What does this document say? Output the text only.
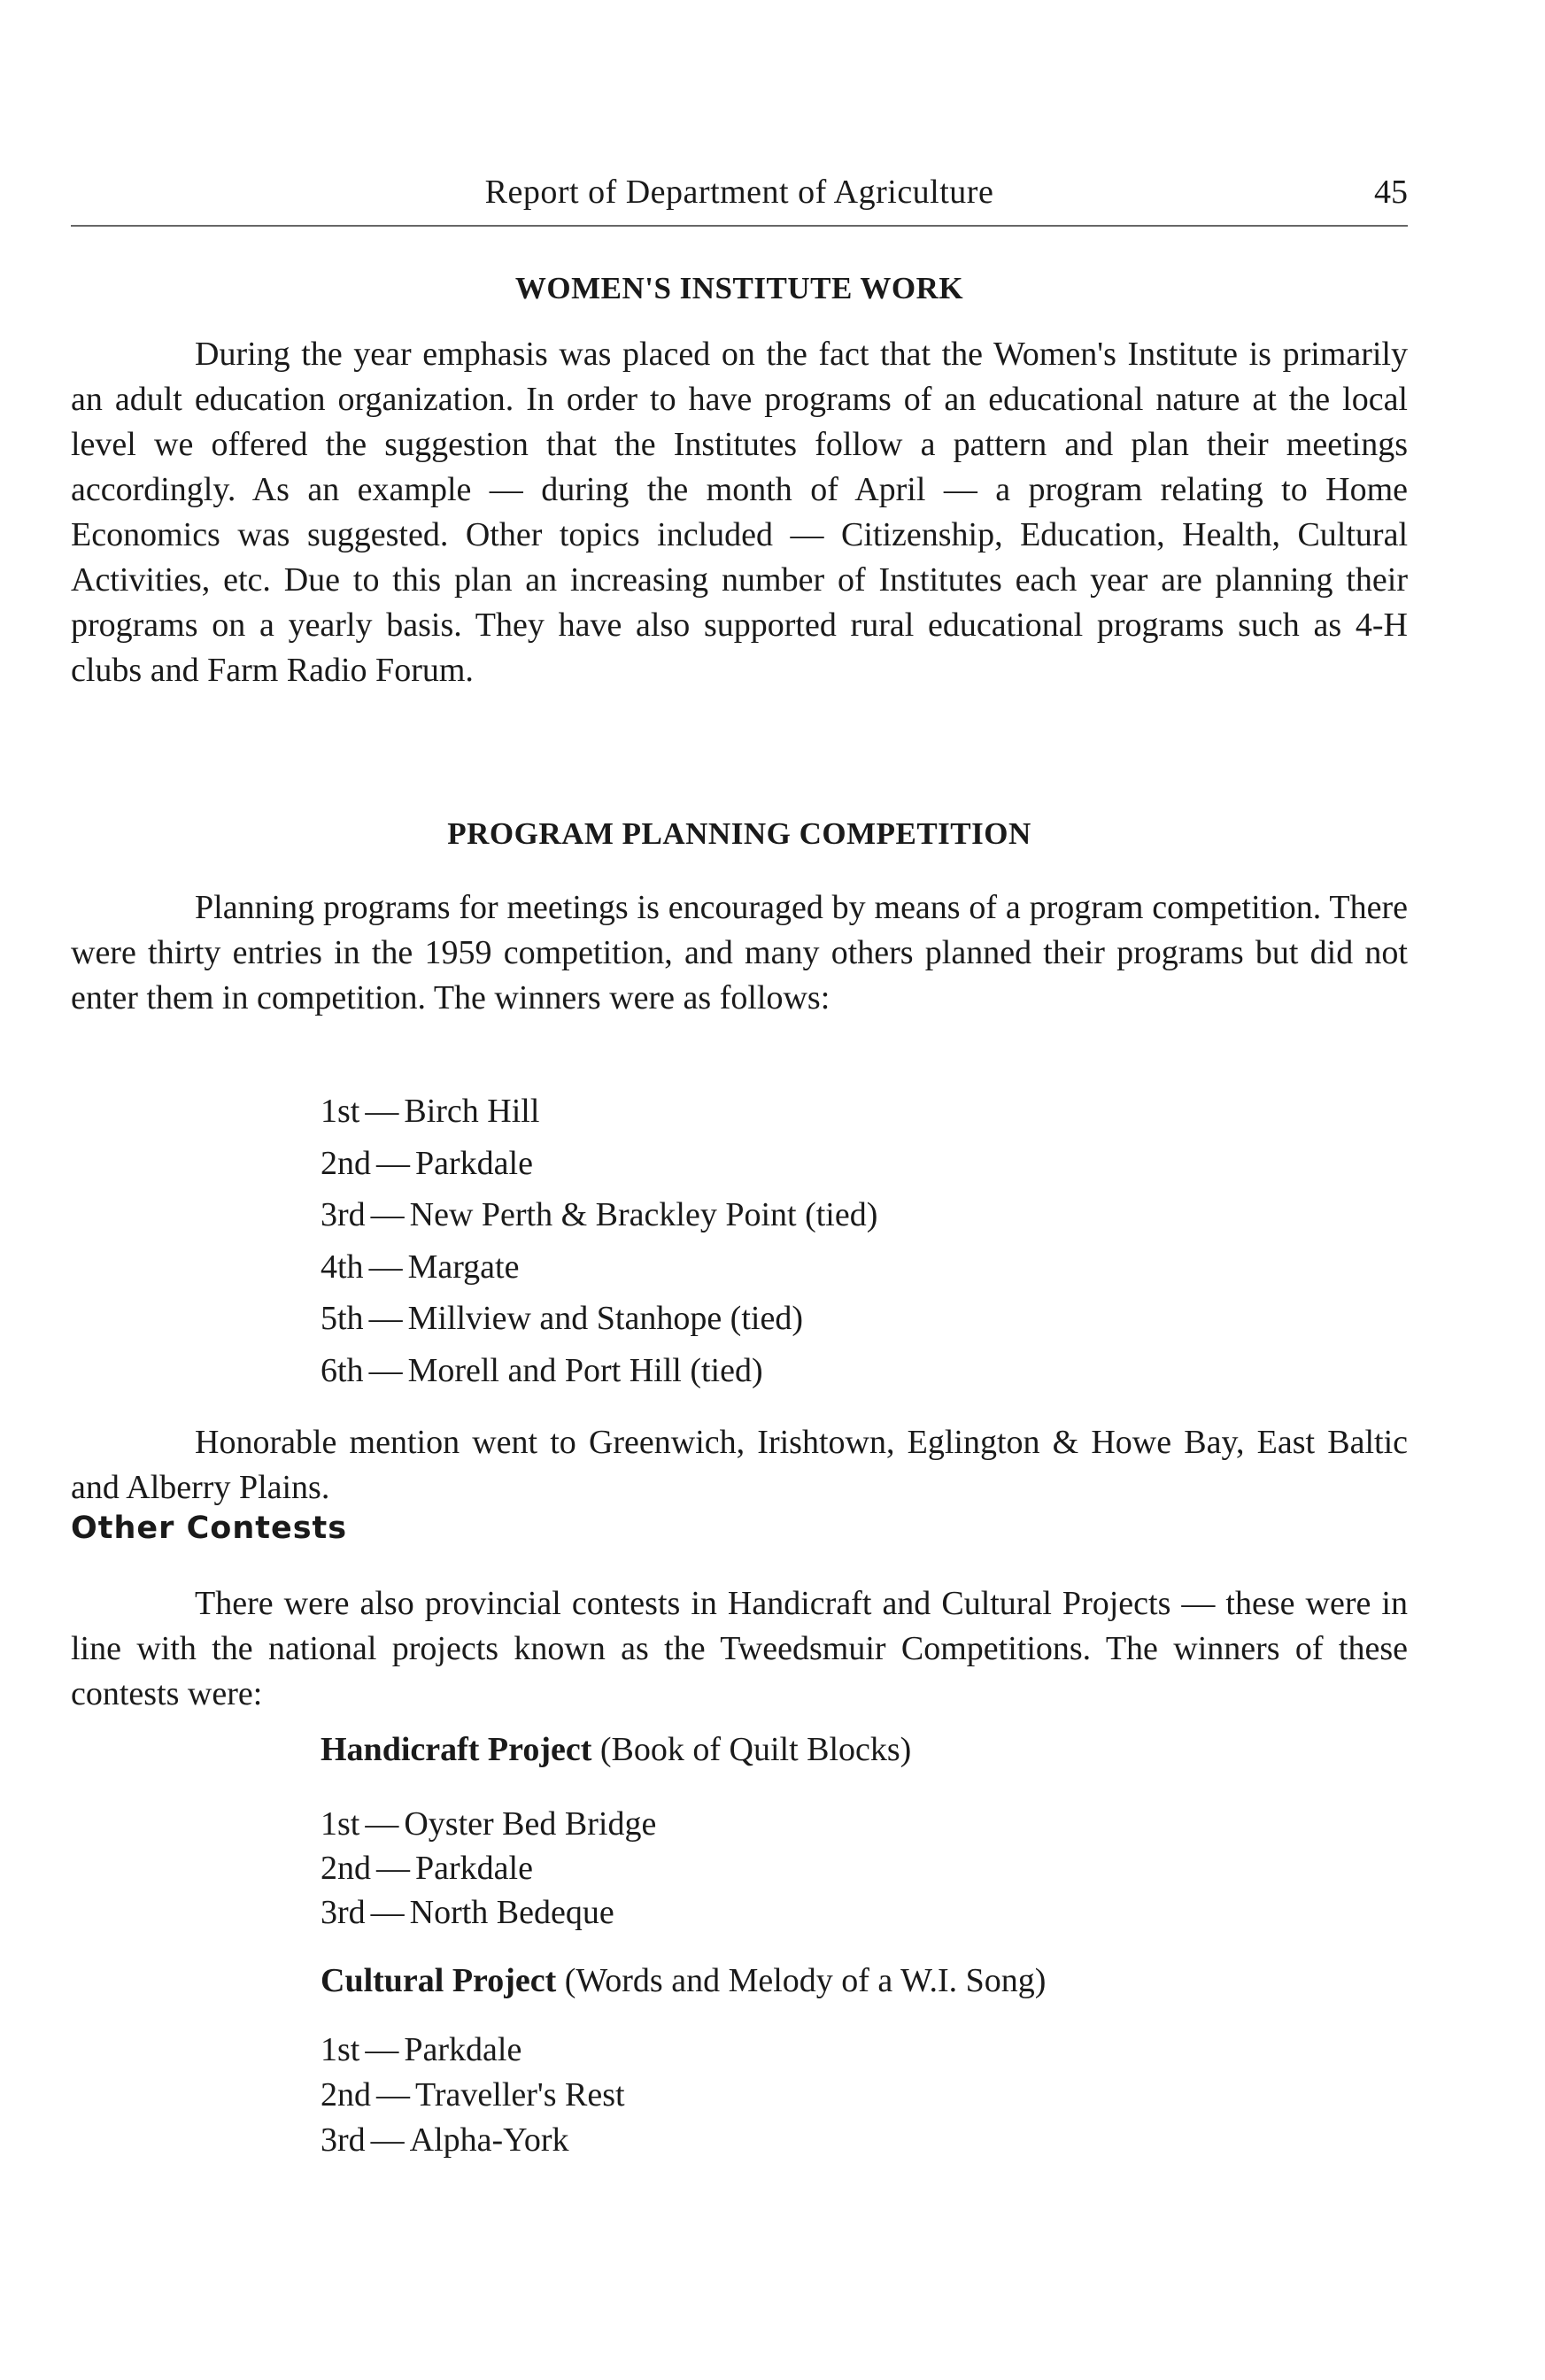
Report of Department of Agriculture	45
WOMEN'S INSTITUTE WORK
During the year emphasis was placed on the fact that the Women's Institute is primarily an adult education organization. In order to have programs of an educational nature at the local level we offered the suggestion that the Institutes follow a pattern and plan their meetings accordingly. As an example — during the month of April — a program relating to Home Economics was suggested. Other topics included — Citizenship, Education, Health, Cultural Activities, etc. Due to this plan an increasing number of Institutes each year are planning their programs on a yearly basis. They have also supported rural educational programs such as 4-H clubs and Farm Radio Forum.
PROGRAM PLANNING COMPETITION
Planning programs for meetings is encouraged by means of a program competition. There were thirty entries in the 1959 competition, and many others planned their programs but did not enter them in competition. The winners were as follows:
1st — Birch Hill
2nd — Parkdale
3rd — New Perth & Brackley Point (tied)
4th — Margate
5th — Millview and Stanhope (tied)
6th — Morell and Port Hill (tied)
Honorable mention went to Greenwich, Irishtown, Eglington & Howe Bay, East Baltic and Alberry Plains.
Other Contests
There were also provincial contests in Handicraft and Cultural Projects — these were in line with the national projects known as the Tweedsmuir Competitions. The winners of these contests were:
Handicraft Project (Book of Quilt Blocks)
1st — Oyster Bed Bridge
2nd — Parkdale
3rd — North Bedeque
Cultural Project (Words and Melody of a W.I. Song)
1st — Parkdale
2nd — Traveller's Rest
3rd — Alpha-York
